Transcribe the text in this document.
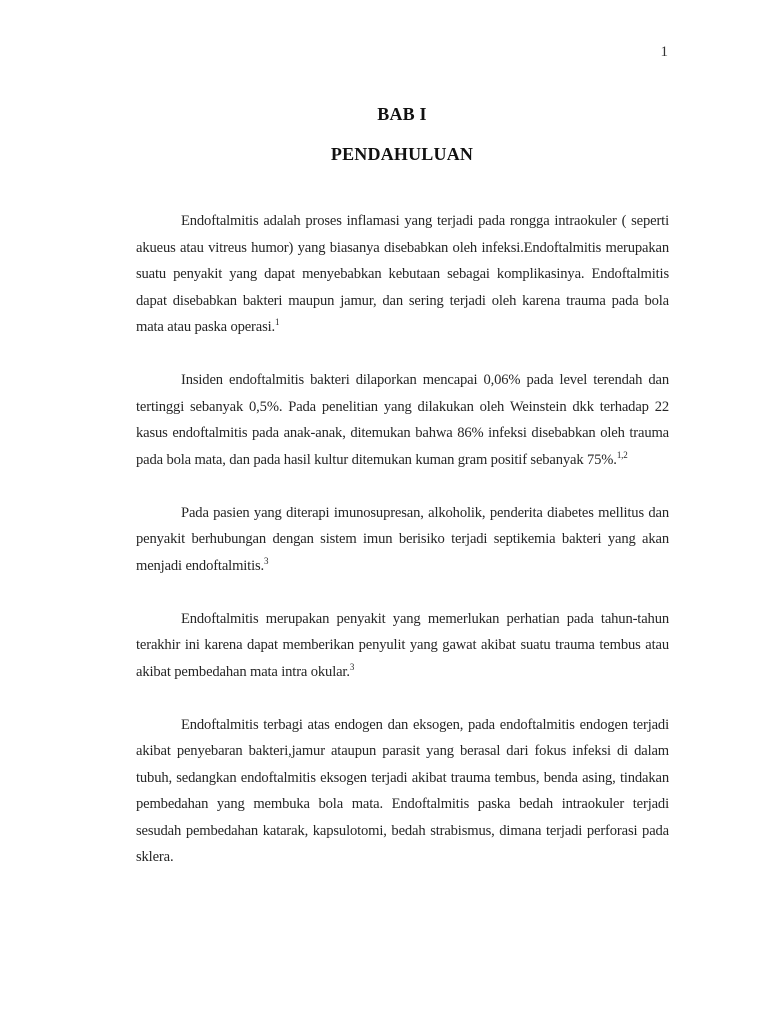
1
BAB I
PENDAHULUAN

Endoftalmitis adalah proses inflamasi yang terjadi pada rongga intraokuler ( seperti akueus atau vitreus humor) yang biasanya disebabkan oleh infeksi.Endoftalmitis merupakan suatu penyakit yang dapat menyebabkan kebutaan sebagai komplikasinya. Endoftalmitis dapat disebabkan bakteri maupun jamur, dan sering terjadi oleh karena trauma pada bola mata atau paska operasi.$^1$

Insiden endoftalmitis bakteri dilaporkan mencapai 0,06% pada level terendah dan tertinggi sebanyak 0,5%. Pada penelitian yang dilakukan oleh Weinstein dkk terhadap 22 kasus endoftalmitis pada anak-anak, ditemukan bahwa 86% infeksi disebabkan oleh trauma pada bola mata, dan pada hasil kultur ditemukan kuman gram positif sebanyak 75%.$^{1,2}$

Pada pasien yang diterapi imunosupresan, alkoholik, penderita diabetes mellitus dan penyakit berhubungan dengan sistem imun berisiko terjadi septikemia bakteri yang akan menjadi endoftalmitis.$^3$

Endoftalmitis merupakan penyakit yang memerlukan perhatian pada tahun-tahun terakhir ini karena dapat memberikan penyulit yang gawat akibat suatu trauma tembus atau akibat pembedahan mata intra okular.$^3$

Endoftalmitis terbagi atas endogen dan eksogen, pada endoftalmitis endogen terjadi akibat penyebaran bakteri,jamur ataupun parasit yang berasal dari fokus infeksi di dalam tubuh, sedangkan endoftalmitis eksogen terjadi akibat trauma tembus, benda asing, tindakan pembedahan yang membuka bola mata. Endoftalmitis paska bedah intraokuler terjadi sesudah pembedahan katarak, kapsulotomi, bedah strabismus, dimana terjadi perforasi pada sklera.
